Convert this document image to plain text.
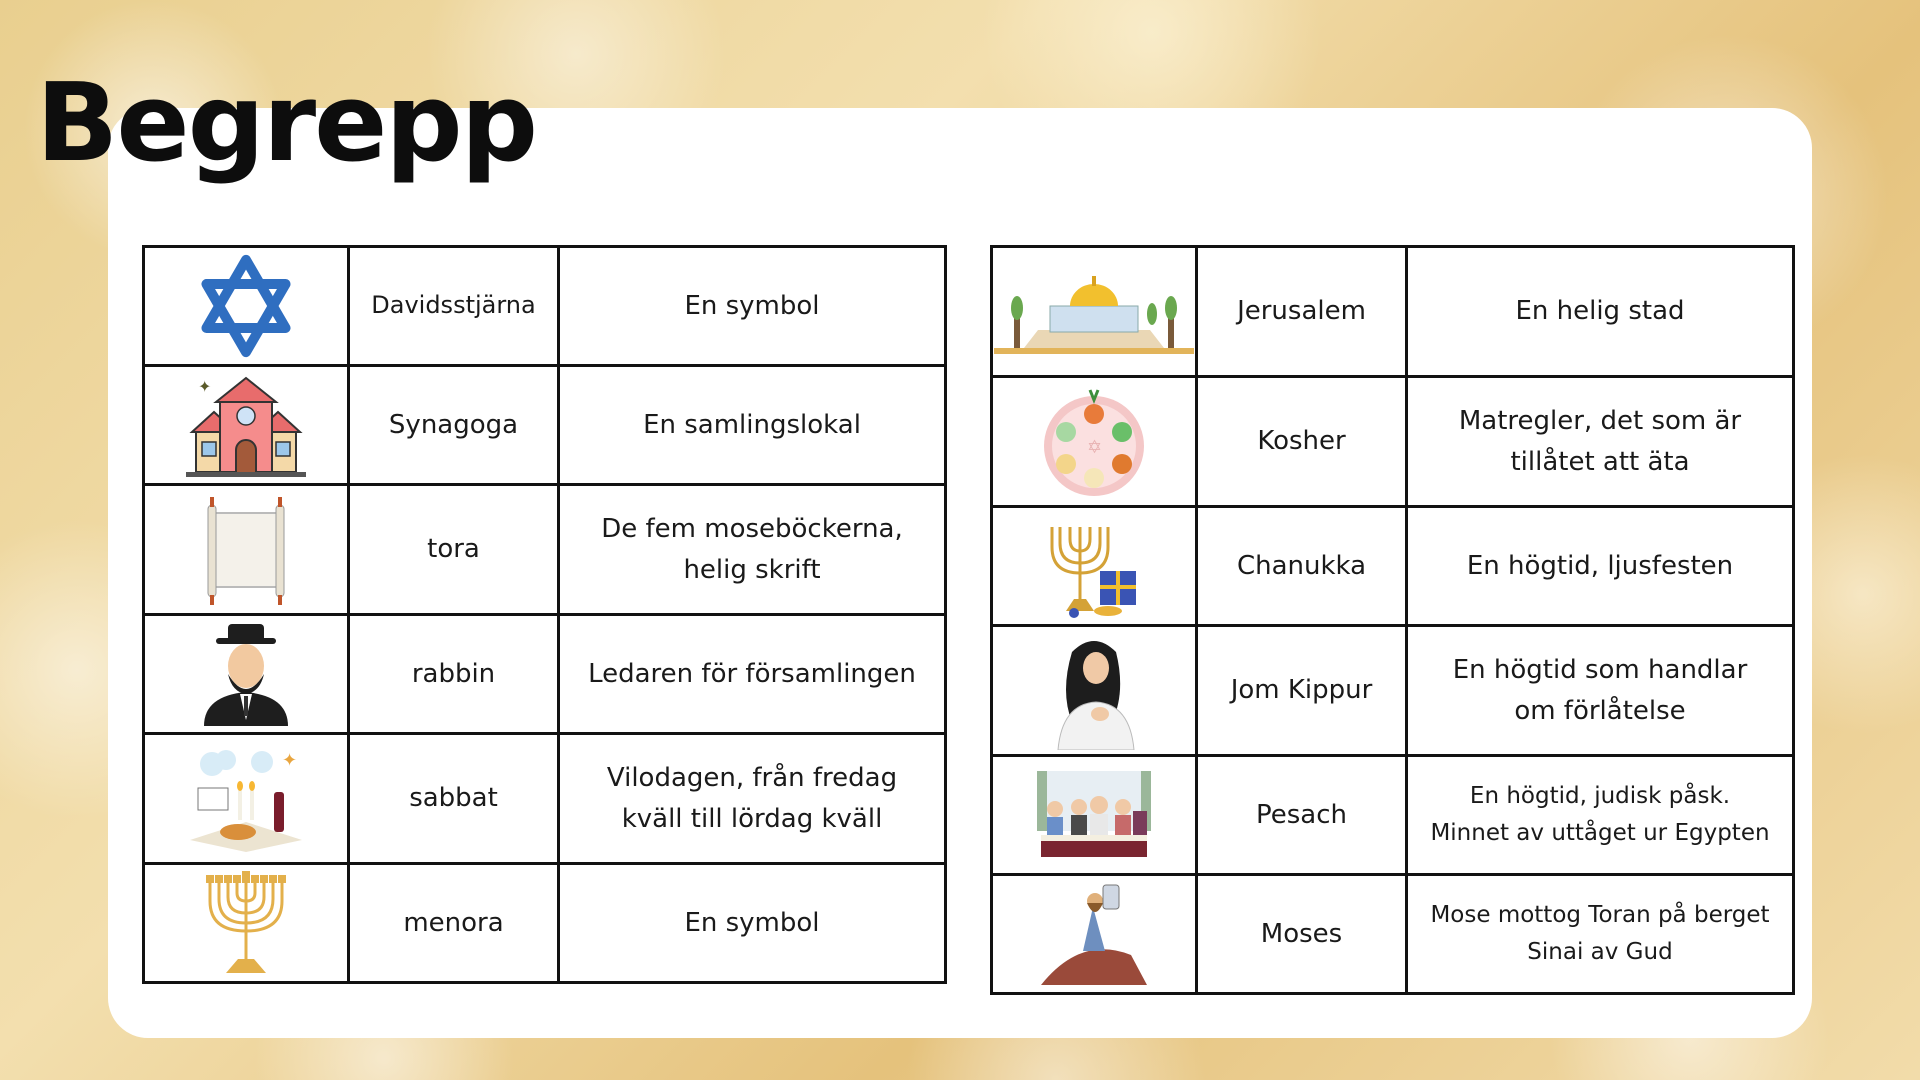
Begrepp
	Davidsstjärna	En symbol

✦	Synagoga	En samlingslokal

	tora	De fem moseböckerna,
helig skrift

	rabbin	Ledaren för församlingen

✦	sabbat	Vilodagen, från fredag
kväll till lördag kväll

	menora	En symbol
	Jerusalem	En helig stad

✡	Kosher	Matregler, det som är
tillåtet att äta

	Chanukka	En högtid, ljusfesten

	Jom Kippur	En högtid som handlar
om förlåtelse

	Pesach	En högtid, judisk påsk.
Minnet av uttåget ur Egypten

	Moses	Mose mottog Toran på berget
Sinai av Gud
